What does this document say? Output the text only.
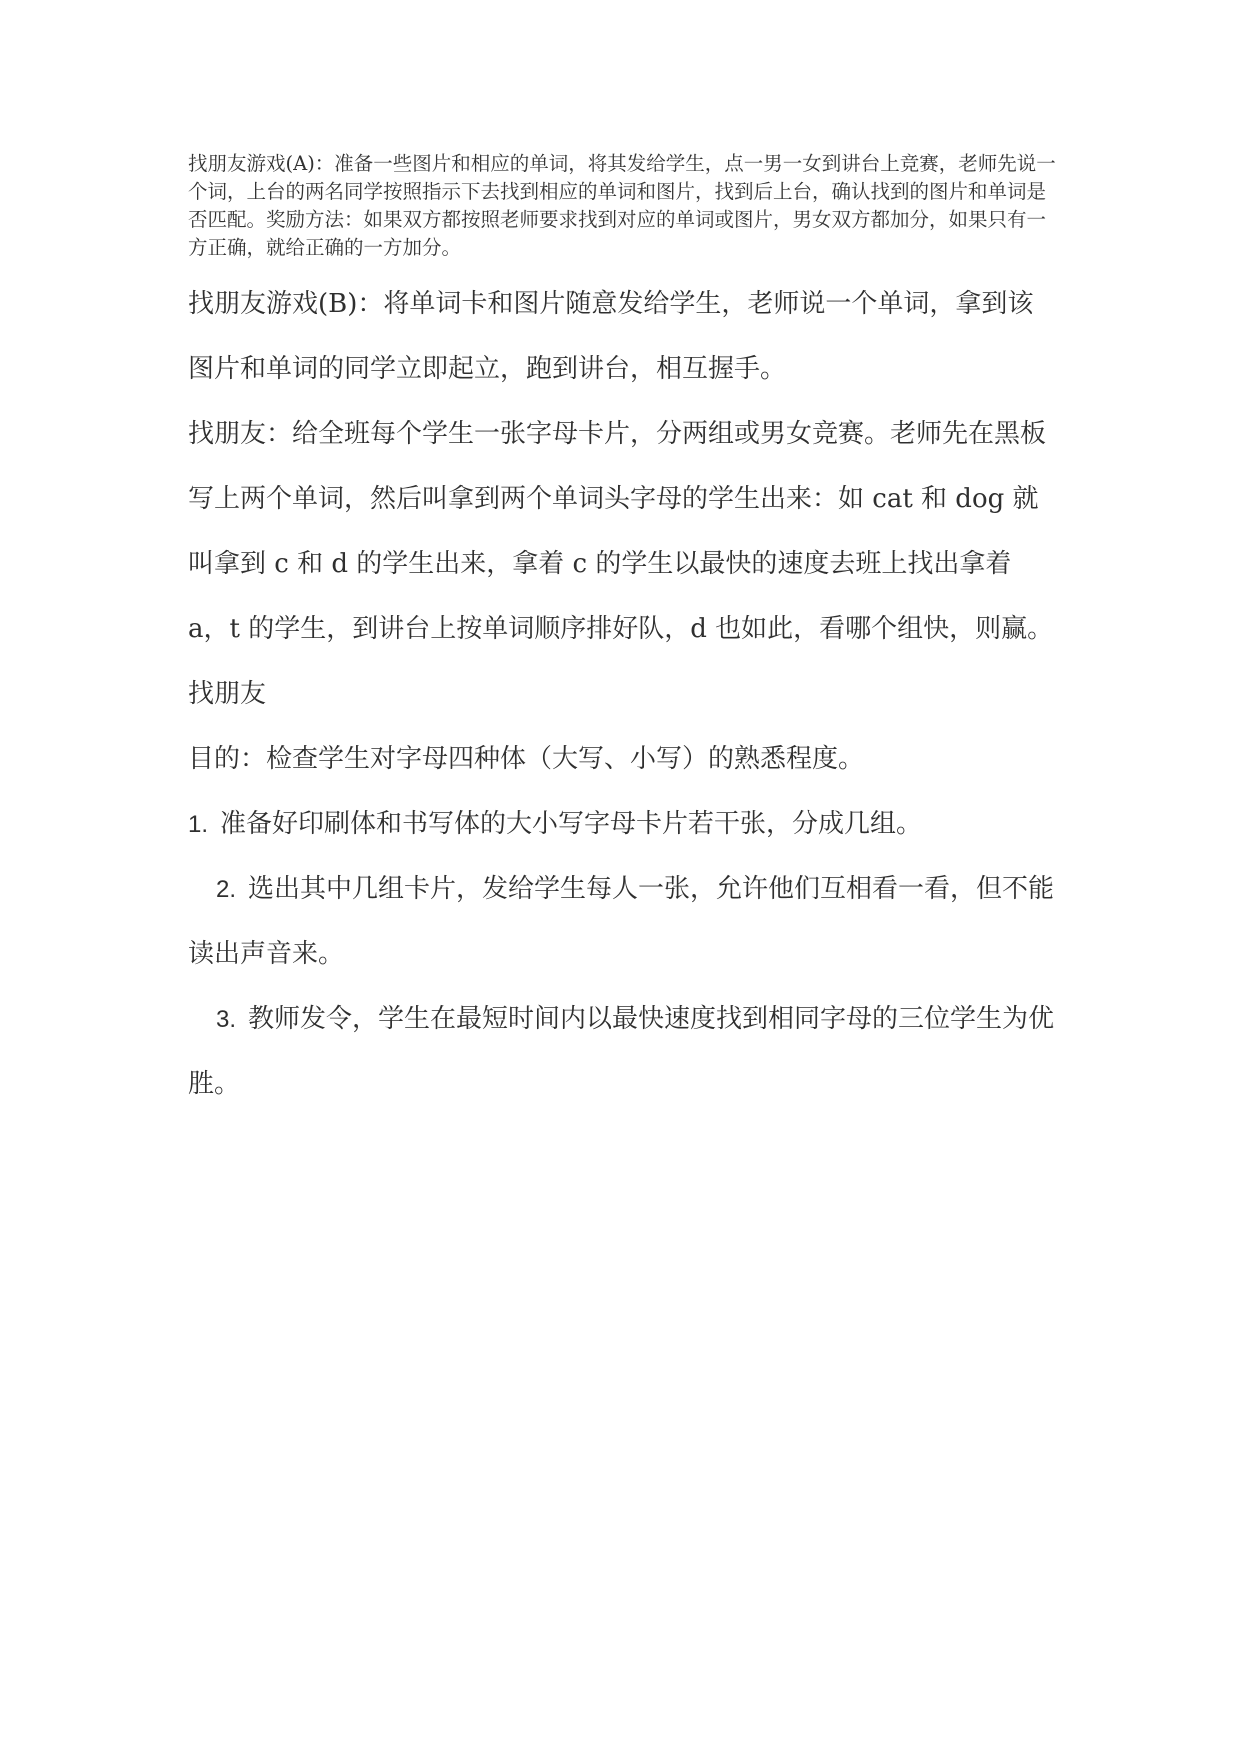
找朋友游戏(A)：准备一些图片和相应的单词，将其发给学生，点一男一女到讲台上竞赛，老师先说一个词，上台的两名同学按照指示下去找到相应的单词和图片，找到后上台，确认找到的图片和单词是否匹配。奖励方法：如果双方都按照老师要求找到对应的单词或图片，男女双方都加分，如果只有一方正确，就给正确的一方加分。

找朋友游戏(B)：将单词卡和图片随意发给学生，老师说一个单词，拿到该图片和单词的同学立即起立，跑到讲台，相互握手。

找朋友：给全班每个学生一张字母卡片，分两组或男女竞赛。老师先在黑板写上两个单词，然后叫拿到两个单词头字母的学生出来：如 cat 和 dog 就叫拿到 c 和 d 的学生出来，拿着 c 的学生以最快的速度去班上找出拿着 a，t 的学生，到讲台上按单词顺序排好队，d 也如此，看哪个组快，则赢。

找朋友

目的：检查学生对字母四种体（大写、小写）的熟悉程度。

1. 准备好印刷体和书写体的大小写字母卡片若干张，分成几组。
2. 选出其中几组卡片，发给学生每人一张，允许他们互相看一看，但不能读出声音来。
3. 教师发令，学生在最短时间内以最快速度找到相同字母的三位学生为优胜。
